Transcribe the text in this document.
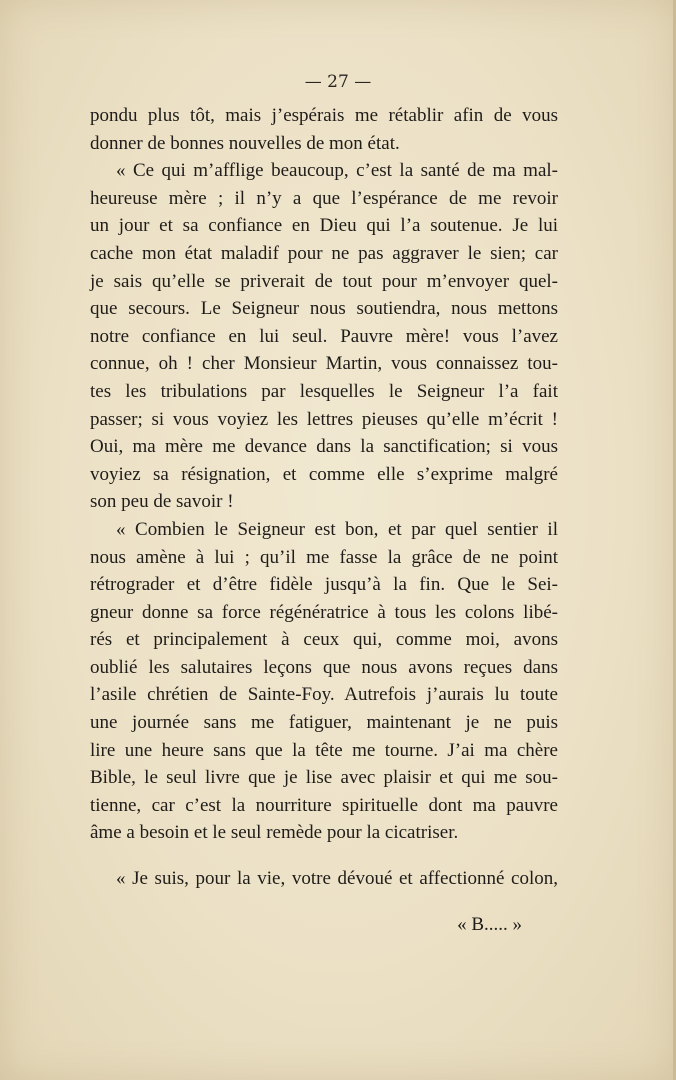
— 27 —

pondu plus tôt, mais j’espérais me rétablir afin de vous
donner de bonnes nouvelles de mon état.

« Ce qui m’afflige beaucoup, c’est la santé de ma mal-
heureuse mère ; il n’y a que l’espérance de me revoir
un jour et sa confiance en Dieu qui l’a soutenue. Je lui
cache mon état maladif pour ne pas aggraver le sien; car
je sais qu’elle se priverait de tout pour m’envoyer quel-
que secours. Le Seigneur nous soutiendra, nous mettons
notre confiance en lui seul. Pauvre mère! vous l’avez
connue, oh ! cher Monsieur Martin, vous connaissez tou-
tes les tribulations par lesquelles le Seigneur l’a fait
passer; si vous voyiez les lettres pieuses qu’elle m’écrit !
Oui, ma mère me devance dans la sanctification; si vous
voyiez sa résignation, et comme elle s’exprime malgré
son peu de savoir !

« Combien le Seigneur est bon, et par quel sentier il
nous amène à lui ; qu’il me fasse la grâce de ne point
rétrograder et d’être fidèle jusqu’à la fin. Que le Sei-
gneur donne sa force régénératrice à tous les colons libé-
rés et principalement à ceux qui, comme moi, avons
oublié les salutaires leçons que nous avons reçues dans
l’asile chrétien de Sainte-Foy. Autrefois j’aurais lu toute
une journée sans me fatiguer, maintenant je ne puis
lire une heure sans que la tête me tourne. J’ai ma chère
Bible, le seul livre que je lise avec plaisir et qui me sou-
tienne, car c’est la nourriture spirituelle dont ma pauvre
âme a besoin et le seul remède pour la cicatriser.

« Je suis, pour la vie, votre dévoué et affectionné colon,

« B..... »
